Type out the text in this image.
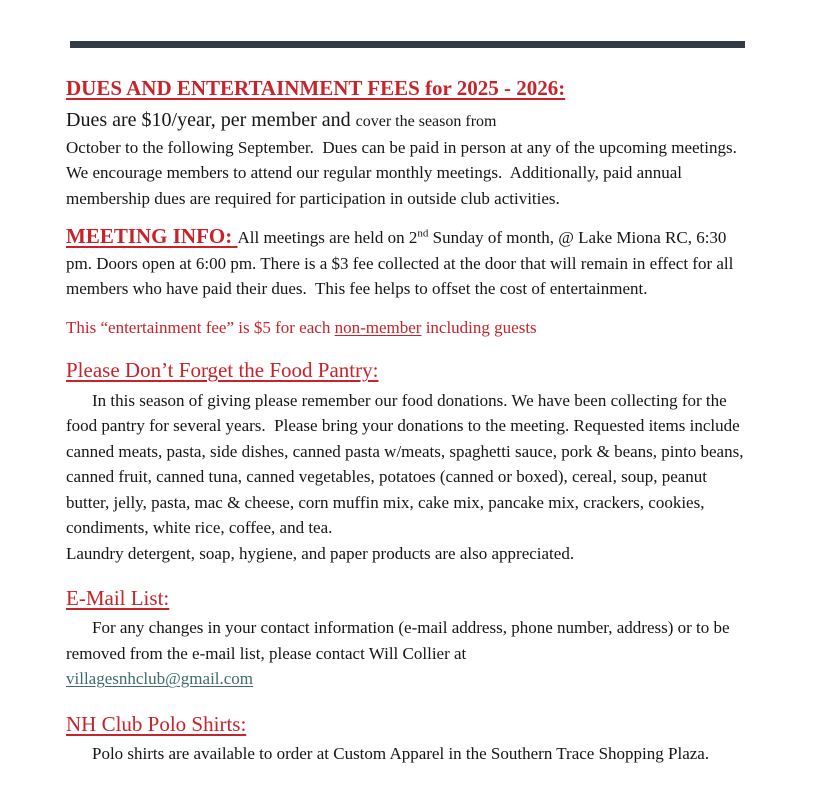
DUES AND ENTERTAINMENT FEES for 2025 - 2026:

Dues are $10/year, per member and cover the season from
October to the following September.  Dues can be paid in person at any of the upcoming meetings. We encourage members to attend our regular monthly meetings.  Additionally, paid annual membership dues are required for participation in outside club activities.

MEETING INFO: All meetings are held on 2nd Sunday of month, @ Lake Miona RC, 6:30 pm. Doors open at 6:00 pm. There is a $3 fee collected at the door that will remain in effect for all members who have paid their dues.  This fee helps to offset the cost of entertainment.

This “entertainment fee” is $5 for each non-member including guests

Please Don’t Forget the Food Pantry:

In this season of giving please remember our food donations. We have been collecting for the food pantry for several years.  Please bring your donations to the meeting. Requested items include canned meats, pasta, side dishes, canned pasta w/meats, spaghetti sauce, pork & beans, pinto beans, canned fruit, canned tuna, canned vegetables, potatoes (canned or boxed), cereal, soup, peanut butter, jelly, pasta, mac & cheese, corn muffin mix, cake mix, pancake mix, crackers, cookies, condiments, white rice, coffee, and tea.
Laundry detergent, soap, hygiene, and paper products are also appreciated.

E-Mail List:

For any changes in your contact information (e-mail address, phone number, address) or to be removed from the e-mail list, please contact Will Collier at
villagesnhclub@gmail.com

NH Club Polo Shirts:

Polo shirts are available to order at Custom Apparel in the Southern Trace Shopping Plaza.
